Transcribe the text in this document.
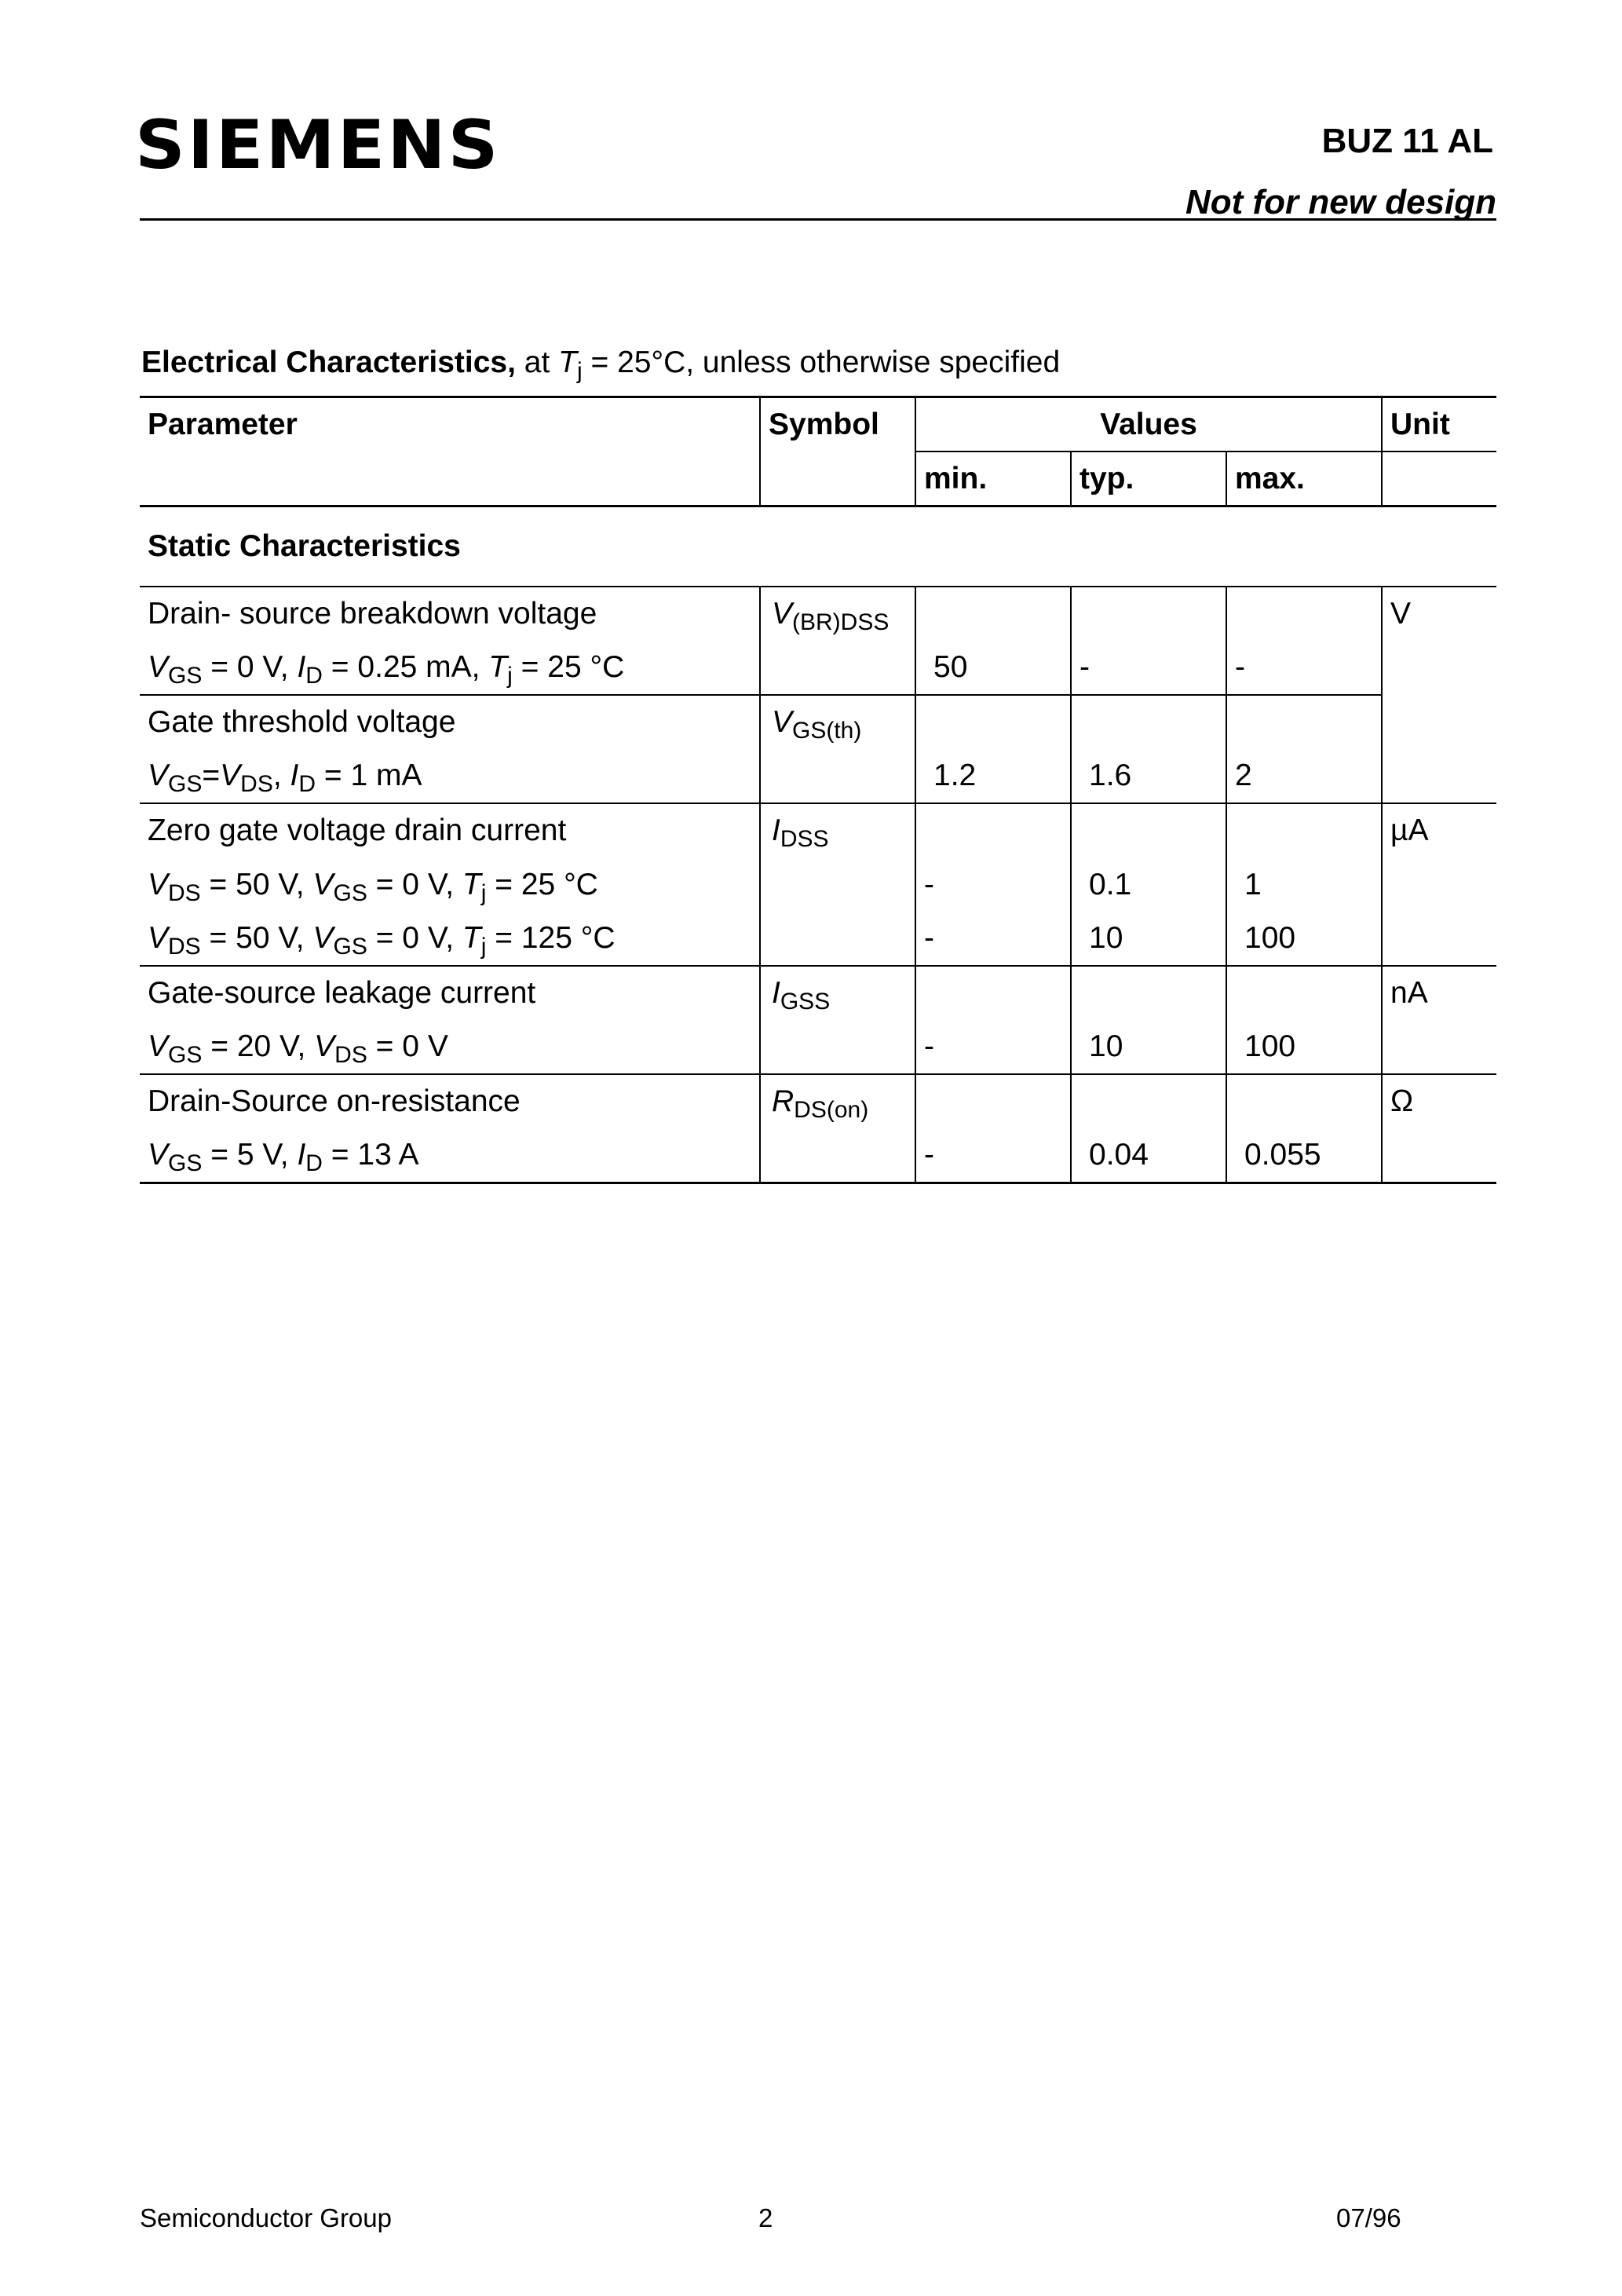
SIEMENS	BUZ 11 AL
Not for new design
Electrical Characteristics, at $T_j = 25^\circ C$, unless otherwise specified
Parameter	Symbol	Values			Unit
		min.	typ.	max.	
Static Characteristics					
Drain- source breakdown voltage	$V_{(BR)DSS}$				V
$V_{GS} = 0$ V, $I_D = 0.25$ mA, $T_j = 25$ °C		50	-	-	
Gate threshold voltage	$V_{GS(th)}$				
$V_{GS}=V_{DS}$, $I_D = 1$ mA		1.2	1.6	2	
Zero gate voltage drain current	$I_{DSS}$				µA
$V_{DS} = 50$ V, $V_{GS} = 0$ V, $T_j = 25$ °C		-	0.1	1	
$V_{DS} = 50$ V, $V_{GS} = 0$ V, $T_j = 125$ °C		-	10	100	
Gate-source leakage current	$I_{GSS}$				nA
$V_{GS} = 20$ V, $V_{DS} = 0$ V		-	10	100	
Drain-Source on-resistance	$R_{DS(on)}$				Ω
$V_{GS} = 5$ V, $I_D = 13$ A		-	0.04	0.055	
Semiconductor Group	2	07/96
